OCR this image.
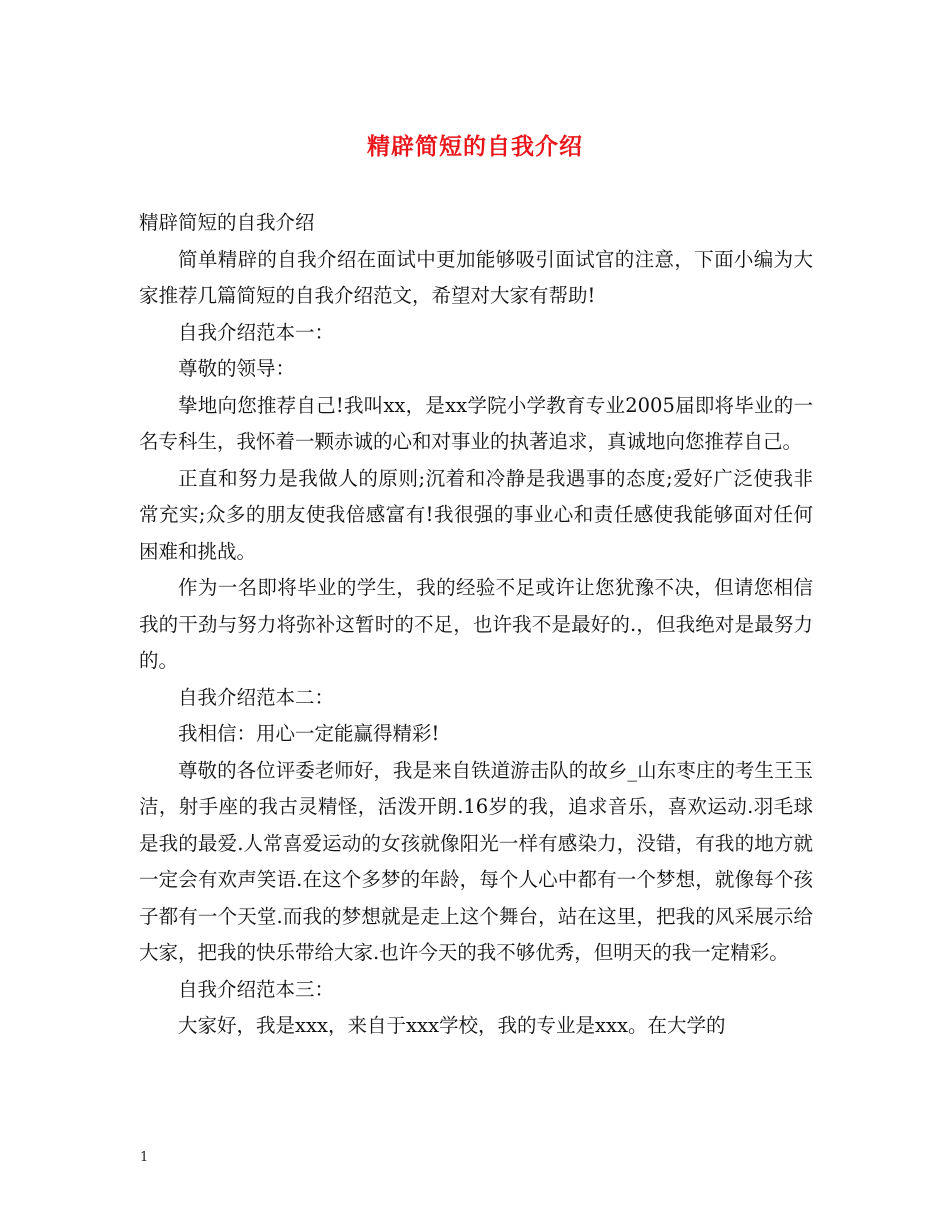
精辟简短的自我介绍

精辟简短的自我介绍

简单精辟的自我介绍在面试中更加能够吸引面试官的注意，下面小编为大家推荐几篇简短的自我介绍范文，希望对大家有帮助!

自我介绍范本一：

尊敬的领导：

挚地向您推荐自己!我叫xx，是xx学院小学教育专业2005届即将毕业的一名专科生，我怀着一颗赤诚的心和对事业的执著追求，真诚地向您推荐自己。

正直和努力是我做人的原则;沉着和冷静是我遇事的态度;爱好广泛使我非常充实;众多的朋友使我倍感富有!我很强的事业心和责任感使我能够面对任何困难和挑战。

作为一名即将毕业的学生，我的经验不足或许让您犹豫不决，但请您相信我的干劲与努力将弥补这暂时的不足，也许我不是最好的.，但我绝对是最努力的。

自我介绍范本二：

我相信：用心一定能赢得精彩!

尊敬的各位评委老师好，我是来自铁道游击队的故乡_山东枣庄的考生王玉洁，射手座的我古灵精怪，活泼开朗.16岁的我，追求音乐，喜欢运动.羽毛球是我的最爱.人常喜爱运动的女孩就像阳光一样有感染力，没错，有我的地方就一定会有欢声笑语.在这个多梦的年龄，每个人心中都有一个梦想，就像每个孩子都有一个天堂.而我的梦想就是走上这个舞台，站在这里，把我的风采展示给大家，把我的快乐带给大家.也许今天的我不够优秀，但明天的我一定精彩。

自我介绍范本三：

大家好，我是xxx，来自于xxx学校，我的专业是xxx。在大学的

1
